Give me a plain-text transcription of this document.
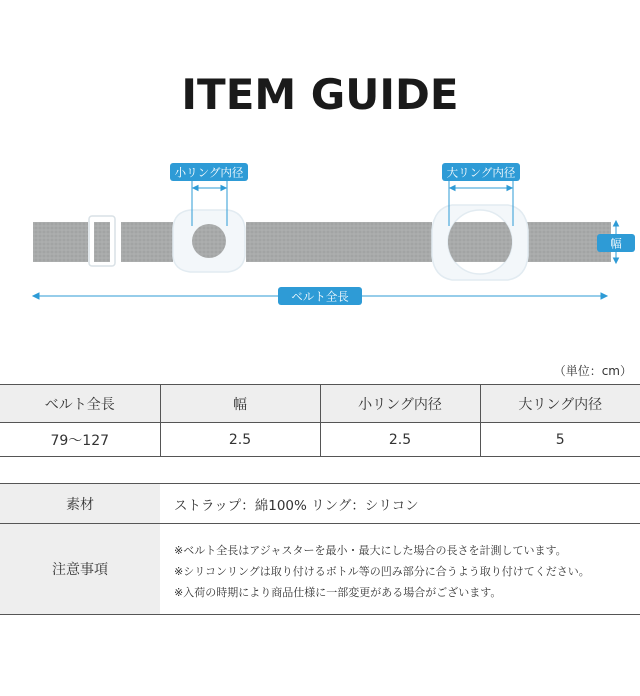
ITEM GUIDE
小リング内径	大リング内径
幅
ベルト全長
（単位：cm）
ベルト全長	幅	小リング内径	大リング内径
79～127	2.5	2.5	5
素材	ストラップ：綿100% リング：シリコン
注意事項
※ベルト全長はアジャスターを最小・最大にした場合の長さを計測しています。
※シリコンリングは取り付けるボトル等の凹み部分に合うよう取り付けてください。
※入荷の時期により商品仕様に一部変更がある場合がございます。
